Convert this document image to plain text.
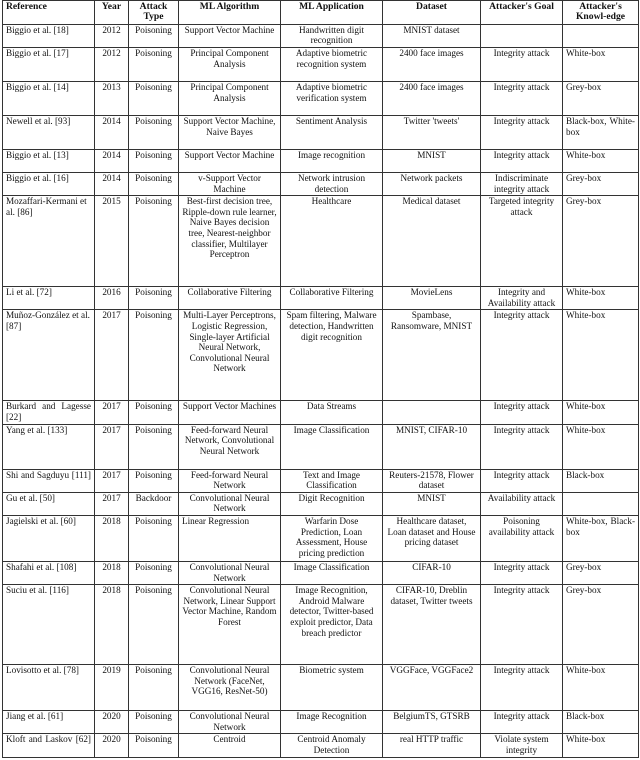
Reference	Year	Attack Type	ML Algorithm	ML Application	Dataset	Attacker's Goal	Attacker's Knowl-edge
Biggio et al. [18]	2012	Poisoning	Support Vector Machine	Handwritten digit recognition	MNIST dataset		
Biggio et al. [17]	2012	Poisoning	Principal Component Analysis	Adaptive biometric recognition system	2400 face images	Integrity attack	White-box
Biggio et al. [14]	2013	Poisoning	Principal Component Analysis	Adaptive biometric verification system	2400 face images	Integrity attack	Grey-box
Newell et al. [93]	2014	Poisoning	Support Vector Machine, Naive Bayes	Sentiment Analysis	Twitter 'tweets'	Integrity attack	Black-box, White-box
Biggio et al. [13]	2014	Poisoning	Support Vector Machine	Image recognition	MNIST	Integrity attack	White-box
Biggio et al. [16]	2014	Poisoning	v-Support Vector Machine	Network intrusion detection	Network packets	Indiscriminate integrity attack	Grey-box
Mozaffari-Kermani et al. [86]	2015	Poisoning	Best-first decision tree, Ripple-down rule learner, Naive Bayes decision tree, Nearest-neighbor classifier, Multilayer Perceptron	Healthcare	Medical dataset	Targeted integrity attack	Grey-box
Li et al. [72]	2016	Poisoning	Collaborative Filtering	Collaborative Filtering	MovieLens	Integrity and Availability attack	White-box
Muñoz-González et al. [87]	2017	Poisoning	Multi-Layer Perceptrons, Logistic Regression, Single-layer Artificial Neural Network, Convolutional Neural Network	Spam filtering, Malware detection, Handwritten digit recognition	Spambase, Ransomware, MNIST	Integrity attack	White-box
Burkard and Lagesse [22]	2017	Poisoning	Support Vector Machines	Data Streams		Integrity attack	White-box
Yang et al. [133]	2017	Poisoning	Feed-forward Neural Network, Convolutional Neural Network	Image Classification	MNIST, CIFAR-10	Integrity attack	White-box
Shi and Sagduyu [111]	2017	Poisoning	Feed-forward Neural Network	Text and Image Classification	Reuters-21578, Flower dataset	Integrity attack	Black-box
Gu et al. [50]	2017	Backdoor	Convolutional Neural Network	Digit Recognition	MNIST	Availability attack	
Jagielski et al. [60]	2018	Poisoning	Linear Regression	Warfarin Dose Prediction, Loan Assessment, House pricing prediction	Healthcare dataset, Loan dataset and House pricing dataset	Poisoning availability attack	White-box, Black-box
Shafahi et al. [108]	2018	Poisoning	Convolutional Neural Network	Image Classification	CIFAR-10	Integrity attack	Grey-box
Suciu et al. [116]	2018	Poisoning	Convolutional Neural Network, Linear Support Vector Machine, Random Forest	Image Recognition, Android Malware detector, Twitter-based exploit predictor, Data breach predictor	CIFAR-10, Dreblin dataset, Twitter tweets	Integrity attack	Grey-box
Lovisotto et al. [78]	2019	Poisoning	Convolutional Neural Network (FaceNet, VGG16, ResNet-50)	Biometric system	VGGFace, VGGFace2	Integrity attack	White-box
Jiang et al. [61]	2020	Poisoning	Convolutional Neural Network	Image Recognition	BelgiumTS, GTSRB	Integrity attack	Black-box
Kloft and Laskov [62]	2020	Poisoning	Centroid	Centroid Anomaly Detection	real HTTP traffic	Violate system integrity	White-box
